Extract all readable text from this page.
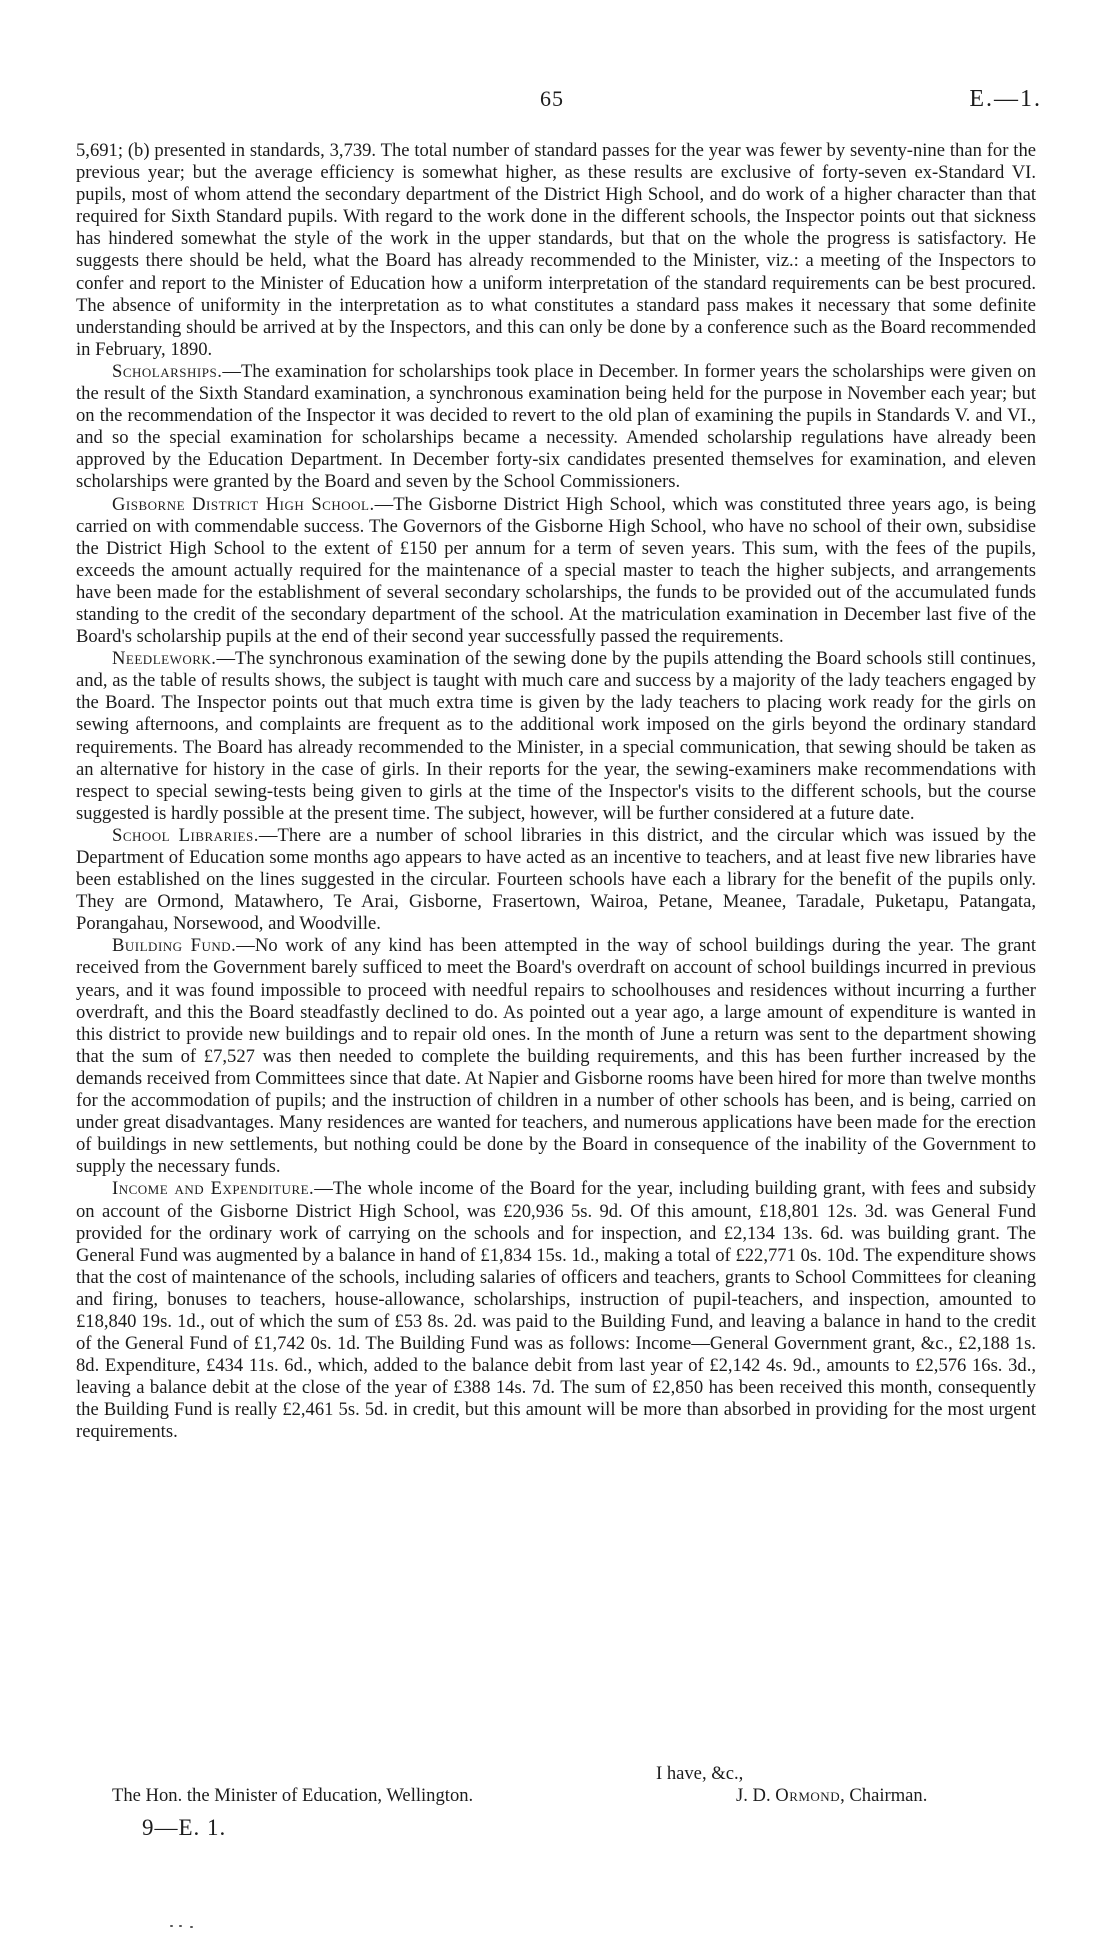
65	E.—1.

5,691; (b) presented in standards, 3,739. The total number of standard passes for the year was fewer by seventy-nine than for the previous year; but the average efficiency is somewhat higher, as these results are exclusive of forty-seven ex-Standard VI. pupils, most of whom attend the secondary department of the District High School, and do work of a higher character than that required for Sixth Standard pupils. With regard to the work done in the different schools, the Inspector points out that sickness has hindered somewhat the style of the work in the upper standards, but that on the whole the progress is satisfactory. He suggests there should be held, what the Board has already recommended to the Minister, viz.: a meeting of the Inspectors to confer and report to the Minister of Education how a uniform interpretation of the standard requirements can be best procured. The absence of uniformity in the interpretation as to what constitutes a standard pass makes it necessary that some definite understanding should be arrived at by the Inspectors, and this can only be done by a conference such as the Board recommended in February, 1890.

Scholarships.—The examination for scholarships took place in December. In former years the scholarships were given on the result of the Sixth Standard examination, a synchronous examination being held for the purpose in November each year; but on the recommendation of the Inspector it was decided to revert to the old plan of examining the pupils in Standards V. and VI., and so the special examination for scholarships became a necessity. Amended scholarship regulations have already been approved by the Education Department. In December forty-six candidates presented themselves for examination, and eleven scholarships were granted by the Board and seven by the School Commissioners.

Gisborne District High School.—The Gisborne District High School, which was constituted three years ago, is being carried on with commendable success. The Governors of the Gisborne High School, who have no school of their own, subsidise the District High School to the extent of £150 per annum for a term of seven years. This sum, with the fees of the pupils, exceeds the amount actually required for the maintenance of a special master to teach the higher subjects, and arrangements have been made for the establishment of several secondary scholarships, the funds to be provided out of the accumulated funds standing to the credit of the secondary department of the school. At the matriculation examination in December last five of the Board's scholarship pupils at the end of their second year successfully passed the requirements.

Needlework.—The synchronous examination of the sewing done by the pupils attending the Board schools still continues, and, as the table of results shows, the subject is taught with much care and success by a majority of the lady teachers engaged by the Board. The Inspector points out that much extra time is given by the lady teachers to placing work ready for the girls on sewing afternoons, and complaints are frequent as to the additional work imposed on the girls beyond the ordinary standard requirements. The Board has already recommended to the Minister, in a special communication, that sewing should be taken as an alternative for history in the case of girls. In their reports for the year, the sewing-examiners make recommendations with respect to special sewing-tests being given to girls at the time of the Inspector's visits to the different schools, but the course suggested is hardly possible at the present time. The subject, however, will be further considered at a future date.

School Libraries.—There are a number of school libraries in this district, and the circular which was issued by the Department of Education some months ago appears to have acted as an incentive to teachers, and at least five new libraries have been established on the lines suggested in the circular. Fourteen schools have each a library for the benefit of the pupils only. They are Ormond, Matawhero, Te Arai, Gisborne, Frasertown, Wairoa, Petane, Meanee, Taradale, Puketapu, Patangata, Porangahau, Norsewood, and Woodville.

Building Fund.—No work of any kind has been attempted in the way of school buildings during the year. The grant received from the Government barely sufficed to meet the Board's overdraft on account of school buildings incurred in previous years, and it was found impossible to proceed with needful repairs to schoolhouses and residences without incurring a further overdraft, and this the Board steadfastly declined to do. As pointed out a year ago, a large amount of expenditure is wanted in this district to provide new buildings and to repair old ones. In the month of June a return was sent to the department showing that the sum of £7,527 was then needed to complete the building requirements, and this has been further increased by the demands received from Committees since that date. At Napier and Gisborne rooms have been hired for more than twelve months for the accommodation of pupils; and the instruction of children in a number of other schools has been, and is being, carried on under great disadvantages. Many residences are wanted for teachers, and numerous applications have been made for the erection of buildings in new settlements, but nothing could be done by the Board in consequence of the inability of the Government to supply the necessary funds.

Income and Expenditure.—The whole income of the Board for the year, including building grant, with fees and subsidy on account of the Gisborne District High School, was £20,936 5s. 9d. Of this amount, £18,801 12s. 3d. was General Fund provided for the ordinary work of carrying on the schools and for inspection, and £2,134 13s. 6d. was building grant. The General Fund was augmented by a balance in hand of £1,834 15s. 1d., making a total of £22,771 0s. 10d. The expenditure shows that the cost of maintenance of the schools, including salaries of officers and teachers, grants to School Committees for cleaning and firing, bonuses to teachers, house-allowance, scholarships, instruction of pupil-teachers, and inspection, amounted to £18,840 19s. 1d., out of which the sum of £53 8s. 2d. was paid to the Building Fund, and leaving a balance in hand to the credit of the General Fund of £1,742 0s. 1d. The Building Fund was as follows: Income—General Government grant, &c., £2,188 1s. 8d. Expenditure, £434 11s. 6d., which, added to the balance debit from last year of £2,142 4s. 9d., amounts to £2,576 16s. 3d., leaving a balance debit at the close of the year of £388 14s. 7d. The sum of £2,850 has been received this month, consequently the Building Fund is really £2,461 5s. 5d. in credit, but this amount will be more than absorbed in providing for the most urgent requirements.

I have, &c.,
The Hon. the Minister of Education, Wellington.	J. D. Ormond, Chairman.
9—E. 1.
